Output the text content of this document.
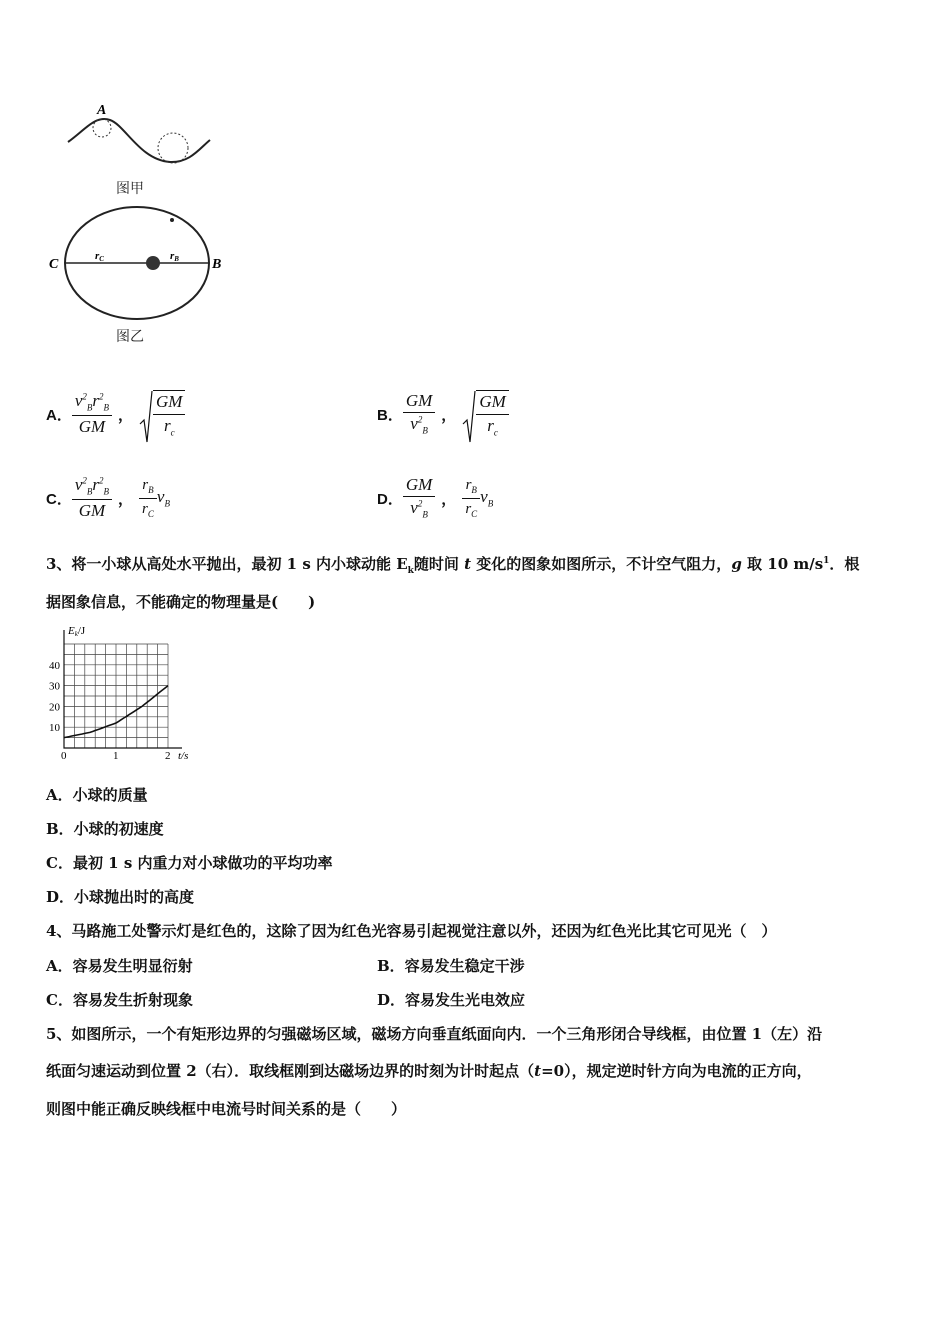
A
图甲
C	B
rC	rB
图乙
A． $\frac{v^2_Br^2_B}{GM}$ ， $\frac{GM}{r_c}$	B． $\frac{GM}{v^2_B}$ ， $\frac{GM}{r_c}$
C． $\frac{v^2_Br^2_B}{GM}$ ， $\frac{r_B}{r_C} v_B$	D． $\frac{GM}{v^2_B}$ ， $\frac{r_B}{r_C} v_B$
3、将一小球从高处水平抛出，最初 1 s 内小球动能 $E_k$随时间 t 变化的图象如图所示，不计空气阻力，g 取 10 $m/s^1$．根
据图象信息，不能确定的物理量是(　　)
0	1	2
10
20
30
40
Ek/J
t/s
A．小球的质量
B．小球的初速度
C．最初 1 s 内重力对小球做功的平均功率
D．小球抛出时的高度
4、马路施工处警示灯是红色的，这除了因为红色光容易引起视觉注意以外，还因为红色光比其它可见光（　）
A．容易发生明显衍射	B．容易发生稳定干涉
C．容易发生折射现象	D．容易发生光电效应
5、如图所示，一个有矩形边界的匀强磁场区域，磁场方向垂直纸面向内．一个三角形闭合导线框，由位置 1（左）沿
纸面匀速运动到位置 2（右）．取线框刚到达磁场边界的时刻为计时起点（t=0），规定逆时针方向为电流的正方向，
则图中能正确反映线框中电流号时间关系的是（　　）
